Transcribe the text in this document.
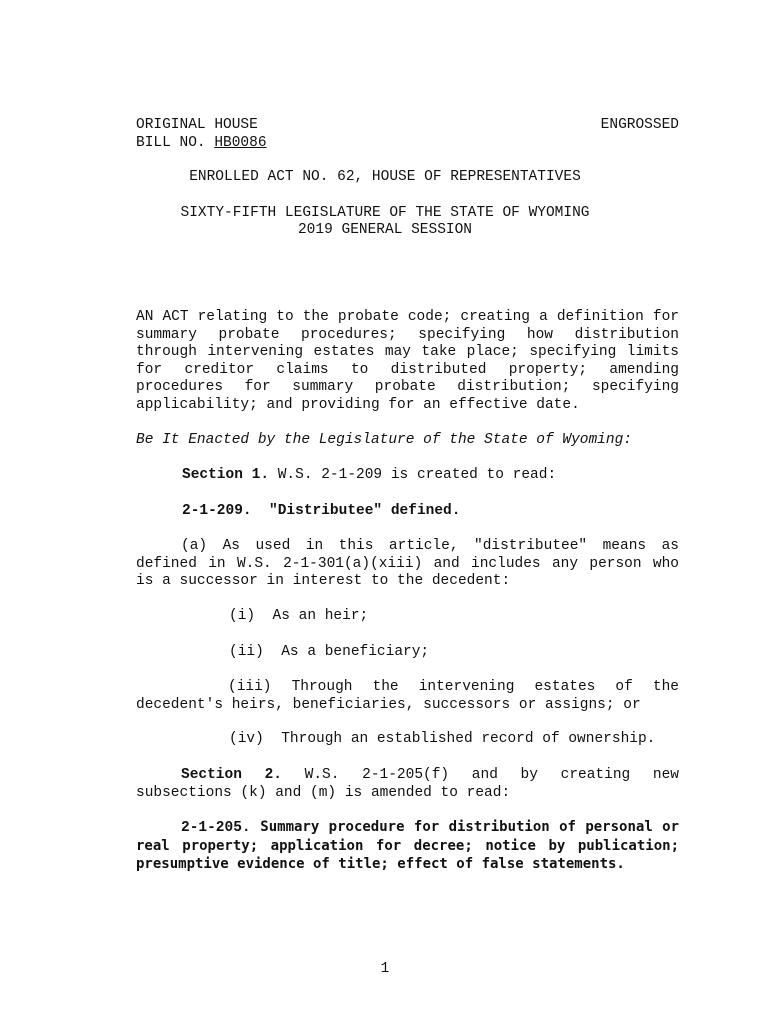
ORIGINAL HOUSE
BILL NO. HB0086
ENGROSSED
ENROLLED ACT NO. 62, HOUSE OF REPRESENTATIVES
SIXTY-FIFTH LEGISLATURE OF THE STATE OF WYOMING
2019 GENERAL SESSION
AN ACT relating to the probate code; creating a definition for summary probate procedures; specifying how distribution through intervening estates may take place; specifying limits for creditor claims to distributed property; amending procedures for summary probate distribution; specifying applicability; and providing for an effective date.
Be It Enacted by the Legislature of the State of Wyoming:
Section 1. W.S. 2-1-209 is created to read:
2-1-209.  "Distributee" defined.
(a) As used in this article, "distributee" means as defined in W.S. 2-1-301(a)(xiii) and includes any person who is a successor in interest to the decedent:
(i)  As an heir;
(ii)  As a beneficiary;
(iii) Through the intervening estates of the decedent's heirs, beneficiaries, successors or assigns; or
(iv)  Through an established record of ownership.
Section 2. W.S. 2-1-205(f) and by creating new subsections (k) and (m) is amended to read:
2-1-205. Summary procedure for distribution of personal or real property; application for decree; notice by publication; presumptive evidence of title; effect of false statements.
1
